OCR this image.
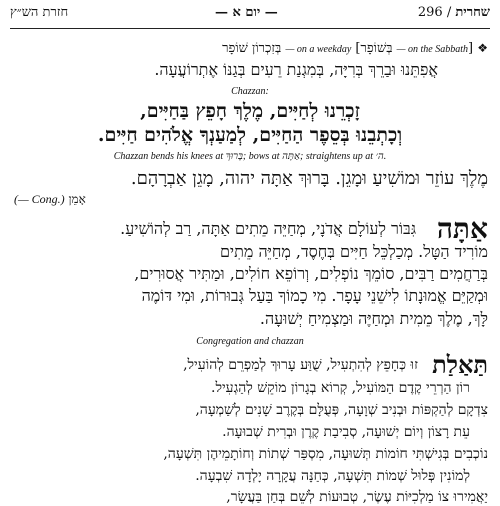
חזרת הש״ץ	— יום א —	שחרית / 296
בְּזִכְרוֹן שׁוֹפָר — on a weekday [בְּשׁוֹפָר — on the Sabbath] ❖
אֲפִתֵּנוּ וּבַרֵךְ בְּרִיָּה, בְּמִגְנַת רֵעִים בְּגַנּוֹ אֶתְרוֹעֲעָה.
Chazzan:
זָכְרֵנוּ לְחַיִּים, מֶלֶךְ חָפֵץ בַּחַיִּים,
וְכָתְבֵנוּ בְּסֵפֶר הַחַיִּים, לְמַעַנְךָ אֱלֹהִים חַיִּים.
Chazzan bends his knees at בָּרוּךְ; bows at אַתָּה; straightens up at ה׳.
מֶלֶךְ עוֹזֵר וּמוֹשִׁיעַ וּמָגֵן. בָּרוּךְ אַתָּה יהוה, מָגֵן אַבְרָהָם.
(— Cong.) אָמֵן
אַתָּה
גִּבּוֹר לְעוֹלָם אֲדֹנָי, מְחַיֵּה מֵתִים אַתָּה, רַב לְהוֹשִׁיעַ.
מוֹרִיד הַטָּל. מְכַלְכֵּל חַיִּים בְּחֶסֶד, מְחַיֵּה מֵתִים
בְּרַחֲמִים רַבִּים, סוֹמֵךְ נוֹפְלִים, וְרוֹפֵא חוֹלִים, וּמַתִּיר אֲסוּרִים,
וּמְקַיֵּם אֱמוּנָתוֹ לִישֵׁנֵי עָפָר. מִי כָמוֹךָ בַּעַל גְּבוּרוֹת, וּמִי דּוֹמֶה
לָּךְ, מֶלֶךְ מֵמִית וּמְחַיֶּה וּמַצְמִיחַ יְשׁוּעָה.
Congregation and chazzan
תַּאַלַת
זוּ כְּחָפֵץ לְהִתְעִיל, שֻׁוַּע עָרוּךְ לְמַפְרֵם לְהוֹעִיל,
רוֹן הַרְרֵי קֶדֶם הַמּוֹעִיל, קְרוֹא בְגָרוֹן מוֹקֵשׁ לְהַגְעִיל.
צִדְקָם לְהַקְפּוֹת וּבְנִיב שְׁוָעָה, פְּעֻלָּם בְּקֶרֶב שָׁנִים לְשַׁמְעָה,
עֵת רָצוֹן וְיוֹם יְשׁוּעָה, סְבִיבַת קֶרֶן וּבְרִית שְׁבוּעָה.
נוֹכְבִים בְּגִישְׁתִּי חוֹמוֹת תְּשׁוּעָה, מִסְפַּר שְׁתוֹת וְחוֹתָמֵיהֶן תִּשְׁעָה,
לְמוֹנִין פְּלוּל שְׁמוֹת תִּשְׁעָה, כְּחַנָּה עֲקָרָה יָלְדָה שִׁבְעָה.
יַאֲמִירוּ צוֹ מַלְכִיּוֹת עֶשֶׂר, טְבוּעוֹת לְשֵׁם בְּחַן בַּעֲשָׂר,
